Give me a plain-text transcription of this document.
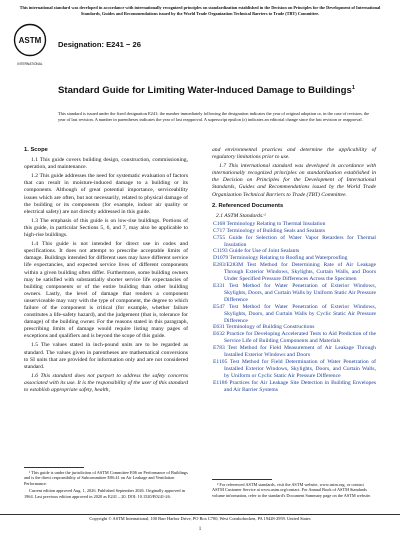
This international standard was developed in accordance with internationally recognized principles on standardization established in the Decision on Principles for the Development of International Standards, Guides and Recommendations issued by the World Trade Organization Technical Barriers to Trade (TBT) Committee.
ASTM
INTERNATIONAL
Designation: E241 − 26
Standard Guide for Limiting Water-Induced Damage to Buildings$^1$
This standard is issued under the fixed designation E241; the number immediately following the designation indicates the year of original adoption or, in the case of revision, the year of last revision. A number in parentheses indicates the year of last reapproval. A superscript epsilon (ε) indicates an editorial change since the last revision or reapproval.
1. Scope

1.1 This guide covers building design, construction, commissioning, operation, and maintenance.

1.2 This guide addresses the need for systematic evaluation of factors that can result in moisture-induced damage to a building or its components. Although of great potential importance, serviceability issues which are often, but not necessarily, related to physical damage of the building or its components (for example, indoor air quality or electrical safety) are not directly addressed in this guide.

1.3 The emphasis of this guide is on low-rise buildings. Portions of this guide, in particular Sections 5, 6, and 7, may also be applicable to high-rise buildings.

1.4 This guide is not intended for direct use in codes and specifications. It does not attempt to prescribe acceptable limits of damage. Buildings intended for different uses may have different service life expectancies, and expected service lives of different components within a given building often differ. Furthermore, some building owners may be satisfied with substantially shorter service life expectancies of building components or of the entire building than other building owners. Lastly, the level of damage that renders a component unserviceable may vary with the type of component, the degree to which failure of the component is critical (for example, whether failure constitutes a life-safety hazard), and the judgement (that is, tolerance for damage) of the building owner. For the reasons stated in this paragraph, prescribing limits of damage would require listing many pages of exceptions and qualifiers and is beyond the scope of this guide.

1.5 The values stated in inch-pound units are to be regarded as standard. The values given in parentheses are mathematical conversions to SI units that are provided for information only and are not considered standard.

1.6 This standard does not purport to address the safety concerns associated with its use. It is the responsibility of the user of this standard to establish appropriate safety, health,

¹ This guide is under the jurisdiction of ASTM Committee E06 on Performance of Buildings and is the direct responsibility of Subcommittee E06.41 on Air Leakage and Ventilation Performance.

Current edition approved Aug. 1, 2026. Published September 2026. Originally approved in 1964. Last previous edition approved in 2020 as E241 – 20. DOI: 10.1520/E0241-26.

and environmental practices and determine the applicability of regulatory limitations prior to use.

1.7 This international standard was developed in accordance with internationally recognized principles on standardization established in the Decision on Principles for the Development of International Standards, Guides and Recommendations issued by the World Trade Organization Technical Barriers to Trade (TBT) Committee.

2. Referenced Documents
2.1 ASTM Standards:²
C168 Terminology Relating to Thermal Insulation
C717 Terminology of Building Seals and Sealants
C755 Guide for Selection of Water Vapor Retarders for Thermal Insulation
C1193 Guide for Use of Joint Sealants
D1079 Terminology Relating to Roofing and Waterproofing
E283/E283M Test Method for Determining Rate of Air Leakage Through Exterior Windows, Skylights, Curtain Walls, and Doors Under Specified Pressure Differences Across the Specimen
E331 Test Method for Water Penetration of Exterior Windows, Skylights, Doors, and Curtain Walls by Uniform Static Air Pressure Difference
E547 Test Method for Water Penetration of Exterior Windows, Skylights, Doors, and Curtain Walls by Cyclic Static Air Pressure Difference
E631 Terminology of Building Constructions
E632 Practice for Developing Accelerated Tests to Aid Prediction of the Service Life of Building Components and Materials
E783 Test Method for Field Measurement of Air Leakage Through Installed Exterior Windows and Doors
E1105 Test Method for Field Determination of Water Penetration of Installed Exterior Windows, Skylights, Doors, and Curtain Walls, by Uniform or Cyclic Static Air Pressure Difference
E1186 Practices for Air Leakage Site Detection in Building Envelopes and Air Barrier Systems

² For referenced ASTM standards, visit the ASTM website, www.astm.org, or contact ASTM Customer Service at www.astm.org/contact. For Annual Book of ASTM Standards volume information, refer to the standard's Document Summary page on the ASTM website.

Copyright © ASTM International, 100 Barr Harbor Drive, PO Box C700, West Conshohocken, PA 19428-2959. United States
1
